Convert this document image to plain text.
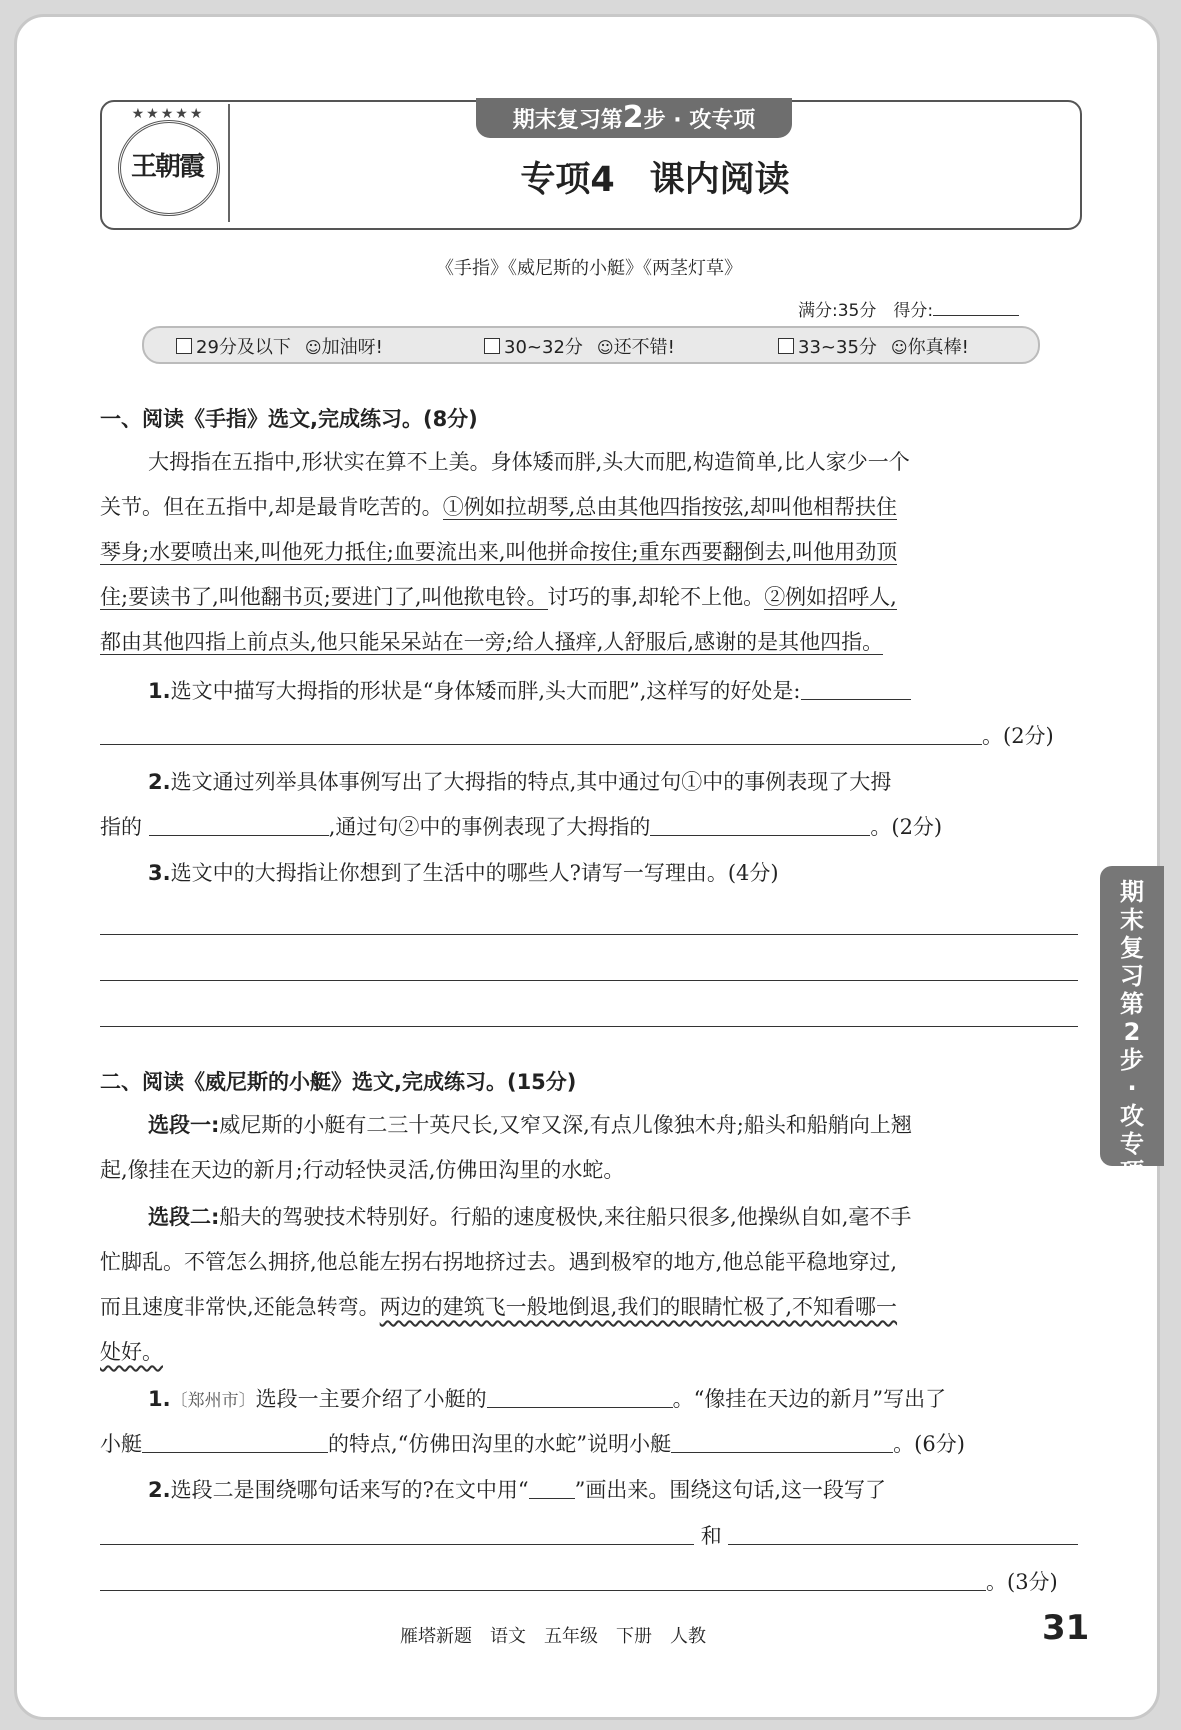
★★★★★
王朝霞
期末复习第2步 · 攻专项
专项4　课内阅读
《手指》《威尼斯的小艇》《两茎灯草》
满分:35分　 得分:
29分及以下 ☺加油呀!	30~32分 ☺还不错!	33~35分 ☺你真棒!
一、阅读《手指》选文,完成练习。(8分)
大拇指在五指中,形状实在算不上美。身体矮而胖,头大而肥,构造简单,比人家少一个
关节。但在五指中,却是最肯吃苦的。①例如拉胡琴,总由其他四指按弦,却叫他相帮扶住
琴身;水要喷出来,叫他死力抵住;血要流出来,叫他拼命按住;重东西要翻倒去,叫他用劲顶
住;要读书了,叫他翻书页;要进门了,叫他揿电铃。讨巧的事,却轮不上他。②例如招呼人,
都由其他四指上前点头,他只能呆呆站在一旁;给人搔痒,人舒服后,感谢的是其他四指。
1.选文中描写大拇指的形状是“身体矮而胖,头大而肥”,这样写的好处是:
。(2分)
2.选文通过列举具体事例写出了大拇指的特点,其中通过句①中的事例表现了大拇
指的	,通过句②中的事例表现了大拇指的	。(2分)
3.选文中的大拇指让你想到了生活中的哪些人?请写一写理由。(4分)
二、阅读《威尼斯的小艇》选文,完成练习。(15分)
选段一:威尼斯的小艇有二三十英尺长,又窄又深,有点儿像独木舟;船头和船艄向上翘
起,像挂在天边的新月;行动轻快灵活,仿佛田沟里的水蛇。
选段二:船夫的驾驶技术特别好。行船的速度极快,来往船只很多,他操纵自如,毫不手
忙脚乱。不管怎么拥挤,他总能左拐右拐地挤过去。遇到极窄的地方,他总能平稳地穿过,
而且速度非常快,还能急转弯。两边的建筑飞一般地倒退,我们的眼睛忙极了,不知看哪一
处好。
1.〔郑州市〕选段一主要介绍了小艇的	。“像挂在天边的新月”写出了
小艇	的特点,“仿佛田沟里的水蛇”说明小艇	。(6分)
2.选段二是围绕哪句话来写的?在文中用“ ”画出来。围绕这句话,这一段写了
和
。(3分)
期末复习第2步·攻专项
雁塔新题　语文　五年级　下册　人教	31
